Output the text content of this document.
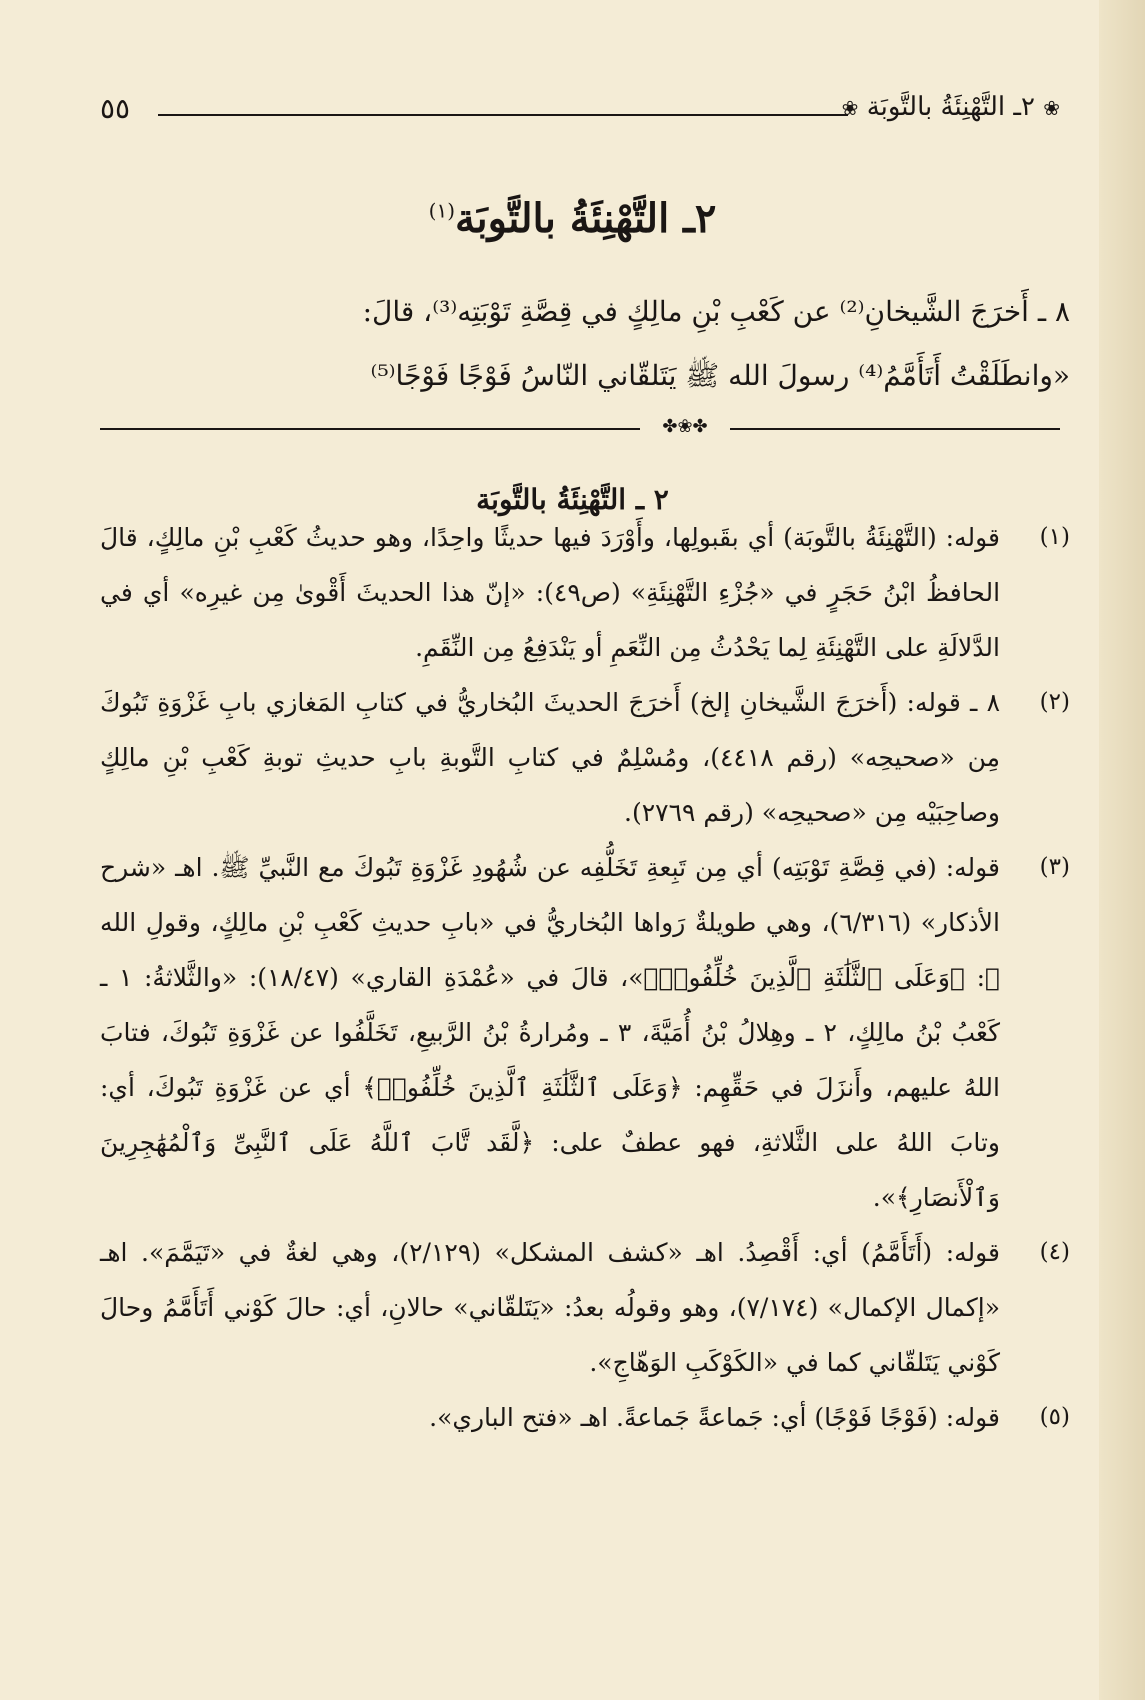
٥٥	❀ ٢ـ التَّهْنِئَةُ بالتَّوبَة ❀
٢ـ التَّهْنِئَةُ بالتَّوبَة$^{(١)}$
٨ ـ أَخرَجَ الشَّيخانِ⁽²⁾ عن كَعْبِ بْنِ مالِكٍ في قِصَّةِ تَوْبَتِه⁽³⁾، قالَ:
«وانطَلَقْتُ أَتَأَمَّمُ⁽⁴⁾ رسولَ الله ﷺ يَتَلقّاني النّاسُ فَوْجًا فَوْجًا⁽⁵⁾
✤❀✤
٢ ـ التَّهْنِئَةُ بالتَّوبَة
(١)
قوله: (التَّهْنِئَةُ بالتَّوبَة) أي بقَبولِها، وأَوْرَدَ فيها حديثًا واحِدًا، وهو حديثُ كَعْبِ بْنِ مالِكٍ، قالَ الحافظُ ابْنُ حَجَرٍ في «جُزْءِ التَّهْنِئَةِ» (ص٤٩): «إنّ هذا الحديثَ أَقْوىٰ مِن غيرِه» أي في الدَّلالَةِ على التَّهْنِئَةِ لِما يَحْدُثُ مِن النِّعَمِ أو يَنْدَفِعُ مِن النِّقَمِ.
(٢)
٨ ـ قوله: (أَخرَجَ الشَّيخانِ إلخ) أَخرَجَ الحديثَ البُخاريُّ في كتابِ المَغازي بابِ غَزْوَةِ تَبُوكَ مِن «صحيحِه» (رقم ٤٤١٨)، ومُسْلِمٌ في كتابِ التَّوبةِ بابِ حديثِ توبةِ كَعْبِ بْنِ مالِكٍ وصاحِبَيْه مِن «صحيحِه» (رقم ٢٧٦٩).
(٣)
قوله: (في قِصَّةِ تَوْبَتِه) أي مِن تَبِعةِ تَخَلُّفِه عن شُهُودِ غَزْوَةِ تَبُوكَ مع النَّبيِّ ﷺ. اهـ «شرح الأذكار» (٦/٣١٦)، وهي طويلةٌ رَواها البُخاريُّ في «بابِ حديثِ كَعْبِ بْنِ مالِكٍ، وقولِ الله ﷻ: ﴿وَعَلَى ٱلثَّلَٰثَةِ ٱلَّذِينَ خُلِّفُوا۟﴾»، قالَ في «عُمْدَةِ القاري» (١٨/٤٧): «والثَّلاثةُ: ١ ـ كَعْبُ بْنُ مالِكٍ، ٢ ـ وهِلالُ بْنُ أُمَيَّةَ، ٣ ـ ومُرارةُ بْنُ الرَّبيعِ، تَخَلَّفُوا عن غَزْوَةِ تَبُوكَ، فتابَ اللهُ عليهم، وأَنزَلَ في حَقِّهِم: ﴿وَعَلَى ٱلثَّلَٰثَةِ ٱلَّذِينَ خُلِّفُوا۟﴾ أي عن غَزْوَةِ تَبُوكَ، أي: وتابَ اللهُ على الثَّلاثةِ، فهو عطفٌ على: ﴿لَّقَد تَّابَ ٱللَّهُ عَلَى ٱلنَّبِىِّ وَٱلْمُهَٰجِرِينَ وَٱلْأَنصَارِ﴾».
(٤)
قوله: (أَتَأَمَّمُ) أي: أَقْصِدُ. اهـ «كشف المشكل» (٢/١٢٩)، وهي لغةٌ في «تَيَمَّمَ». اهـ «إكمال الإكمال» (٧/١٧٤)، وهو وقولُه بعدُ: «يَتَلقّاني» حالانِ، أي: حالَ كَوْني أَتَأَمَّمُ وحالَ كَوْني يَتَلقّاني كما في «الكَوْكَبِ الوَهّاجِ».
(٥)
قوله: (فَوْجًا فَوْجًا) أي: جَماعةً جَماعةً. اهـ «فتح الباري».
